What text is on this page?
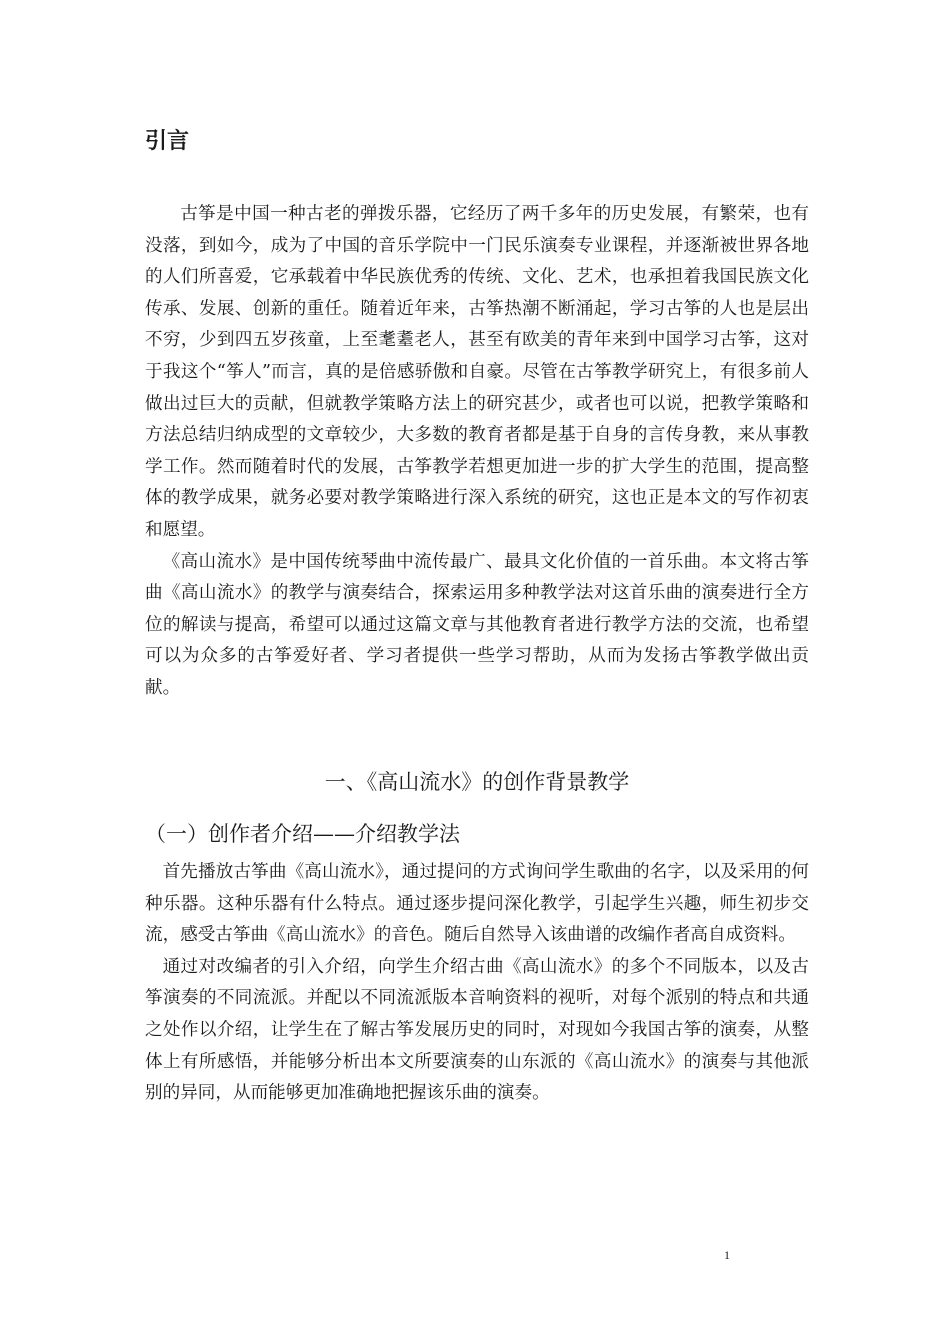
引言

古筝是中国一种古老的弹拨乐器，它经历了两千多年的历史发展，有繁荣，也有没落，到如今，成为了中国的音乐学院中一门民乐演奏专业课程，并逐渐被世界各地的人们所喜爱，它承载着中华民族优秀的传统、文化、艺术，也承担着我国民族文化传承、发展、创新的重任。随着近年来，古筝热潮不断涌起，学习古筝的人也是层出不穷，少到四五岁孩童，上至耄耋老人，甚至有欧美的青年来到中国学习古筝，这对于我这个“筝人”而言，真的是倍感骄傲和自豪。尽管在古筝教学研究上，有很多前人做出过巨大的贡献，但就教学策略方法上的研究甚少，或者也可以说，把教学策略和方法总结归纳成型的文章较少，大多数的教育者都是基于自身的言传身教，来从事教学工作。然而随着时代的发展，古筝教学若想更加进一步的扩大学生的范围，提高整体的教学成果，就务必要对教学策略进行深入系统的研究，这也正是本文的写作初衷和愿望。

《高山流水》是中国传统琴曲中流传最广、最具文化价值的一首乐曲。本文将古筝曲《高山流水》的教学与演奏结合，探索运用多种教学法对这首乐曲的演奏进行全方位的解读与提高，希望可以通过这篇文章与其他教育者进行教学方法的交流，也希望可以为众多的古筝爱好者、学习者提供一些学习帮助，从而为发扬古筝教学做出贡献。

一、《高山流水》的创作背景教学
（一）创作者介绍——介绍教学法

首先播放古筝曲《高山流水》，通过提问的方式询问学生歌曲的名字，以及采用的何种乐器。这种乐器有什么特点。通过逐步提问深化教学，引起学生兴趣，师生初步交流，感受古筝曲《高山流水》的音色。随后自然导入该曲谱的改编作者高自成资料。

通过对改编者的引入介绍，向学生介绍古曲《高山流水》的多个不同版本，以及古筝演奏的不同流派。并配以不同流派版本音响资料的视听，对每个派别的特点和共通之处作以介绍，让学生在了解古筝发展历史的同时，对现如今我国古筝的演奏，从整体上有所感悟，并能够分析出本文所要演奏的山东派的《高山流水》的演奏与其他派别的异同，从而能够更加准确地把握该乐曲的演奏。

1
